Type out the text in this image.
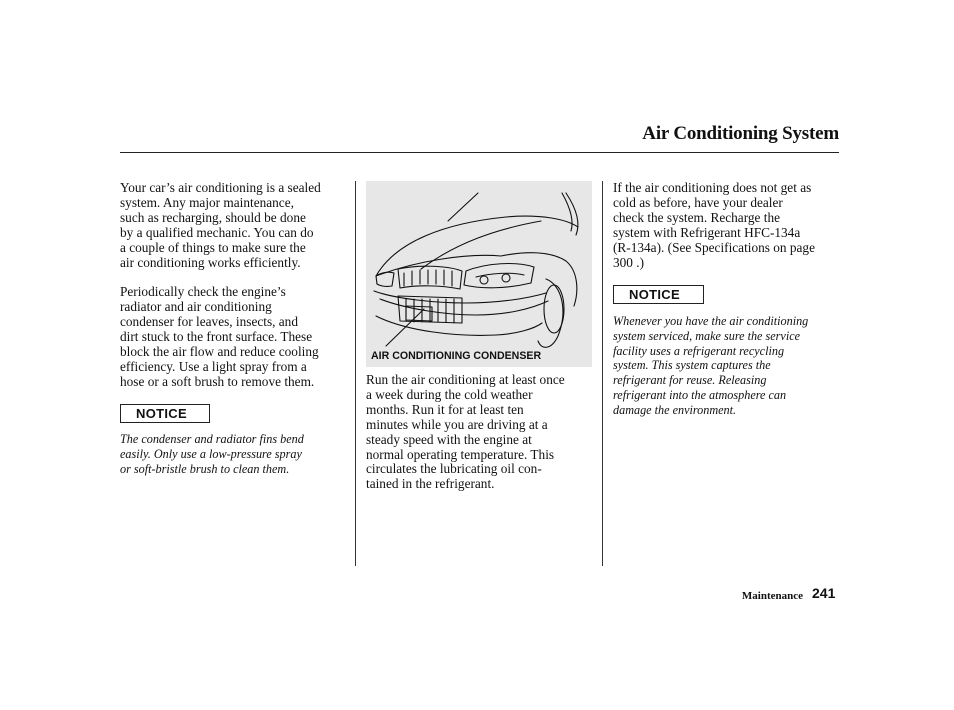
Air Conditioning System

Your car’s air conditioning is a sealed
system. Any major maintenance,
such as recharging, should be done
by a qualified mechanic. You can do
a couple of things to make sure the
air conditioning works efficiently.

Periodically check the engine’s
radiator and air conditioning
condenser for leaves, insects, and
dirt stuck to the front surface. These
block the air flow and reduce cooling
efficiency. Use a light spray from a
hose or a soft brush to remove them.

NOTICE
The condenser and radiator fins bend
easily. Only use a low-pressure spray
or soft-bristle brush to clean them.
AIR CONDITIONING CONDENSER

Run the air conditioning at least once
a week during the cold weather
months. Run it for at least ten
minutes while you are driving at a
steady speed with the engine at
normal operating temperature. This
circulates the lubricating oil con-
tained in the refrigerant.

If the air conditioning does not get as
cold as before, have your dealer
check the system. Recharge the
system with Refrigerant HFC-134a
(R-134a). (See Specifications on page
300 .)

NOTICE
Whenever you have the air conditioning
system serviced, make sure the service
facility uses a refrigerant recycling
system. This system captures the
refrigerant for reuse. Releasing
refrigerant into the atmosphere can
damage the environment.
Maintenance 241
